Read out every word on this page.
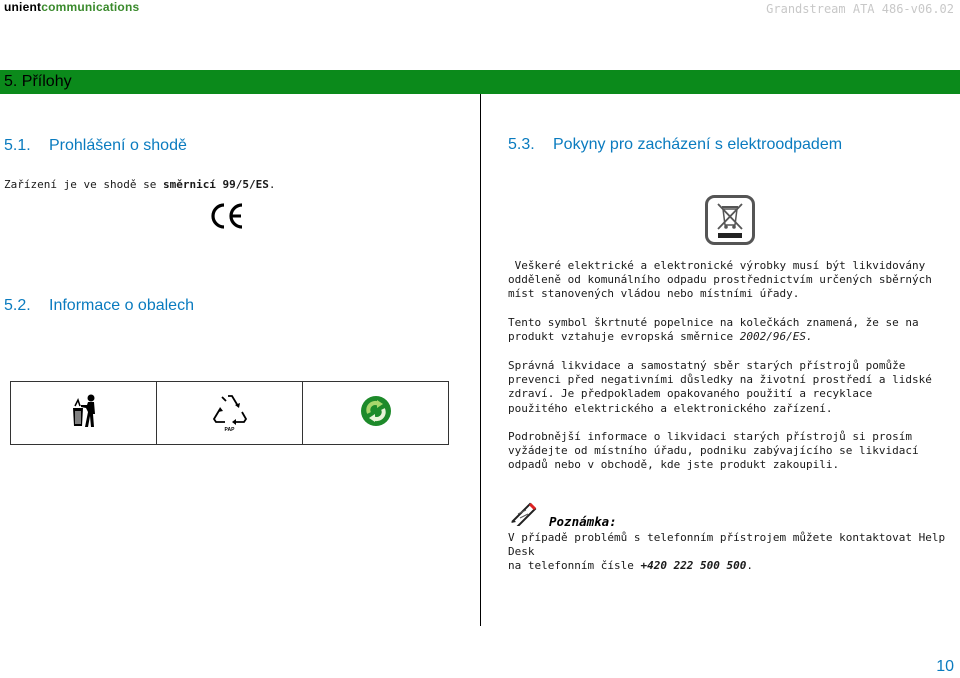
unientcommunications	Grandstream ATA 486-v06.02
5. Přílohy
5.1. Prohlášení o shodě
Zařízení je ve shodě se směrnicí 99/5/ES.
5.2. Informace o obalech
PAP
5.3. Pokyny pro zacházení s elektroodpadem
Veškeré elektrické a elektronické výrobky musí být likvidovány
odděleně od komunálního odpadu prostřednictvím určených sběrných
míst stanovených vládou nebo místními úřady.
Tento symbol škrtnuté popelnice na kolečkách znamená, že se na
produkt vztahuje evropská směrnice 2002/96/ES.
Správná likvidace a samostatný sběr starých přístrojů pomůže
prevenci před negativními důsledky na životní prostředí a lidské
zdraví. Je předpokladem opakovaného použití a recyklace
použitého elektrického a elektronického zařízení.
Podrobnější informace o likvidaci starých přístrojů si prosím
vyžádejte od místního úřadu, podniku zabývajícího se likvidací
odpadů nebo v obchodě, kde jste produkt zakoupili.
Poznámka:
V případě problémů s telefonním přístrojem můžete kontaktovat Help Desk
na telefonním čísle +420 222 500 500.
10
